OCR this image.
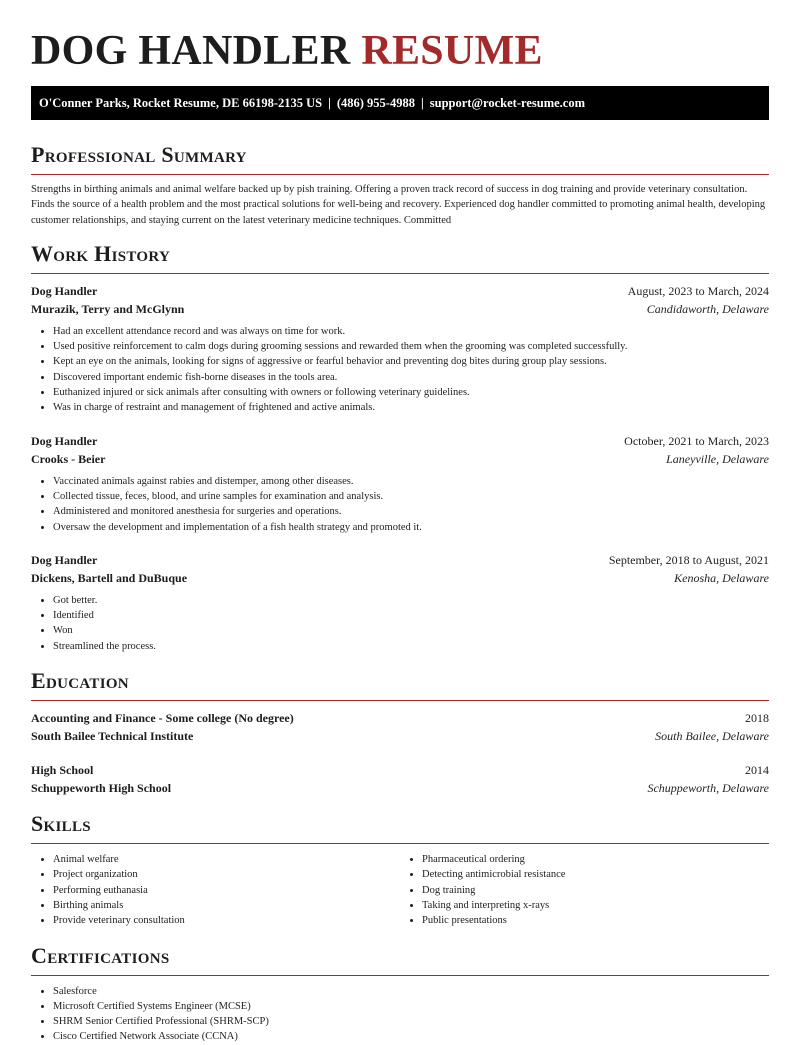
DOG HANDLER RESUME
O'Conner Parks, Rocket Resume, DE 66198-2135 US | (486) 955-4988 | support@rocket-resume.com
Professional Summary
Strengths in birthing animals and animal welfare backed up by pish training. Offering a proven track record of success in dog training and provide veterinary consultation. Finds the source of a health problem and the most practical solutions for well-being and recovery. Experienced dog handler committed to promoting animal health, developing customer relationships, and staying current on the latest veterinary medicine techniques. Committed
Work History
Dog Handler	August, 2023 to March, 2024
Murazik, Terry and McGlynn	Candidaworth, Delaware
• Had an excellent attendance record and was always on time for work.
• Used positive reinforcement to calm dogs during grooming sessions and rewarded them when the grooming was completed successfully.
• Kept an eye on the animals, looking for signs of aggressive or fearful behavior and preventing dog bites during group play sessions.
• Discovered important endemic fish-borne diseases in the tools area.
• Euthanized injured or sick animals after consulting with owners or following veterinary guidelines.
• Was in charge of restraint and management of frightened and active animals.
Dog Handler	October, 2021 to March, 2023
Crooks - Beier	Laneyville, Delaware
• Vaccinated animals against rabies and distemper, among other diseases.
• Collected tissue, feces, blood, and urine samples for examination and analysis.
• Administered and monitored anesthesia for surgeries and operations.
• Oversaw the development and implementation of a fish health strategy and promoted it.
Dog Handler	September, 2018 to August, 2021
Dickens, Bartell and DuBuque	Kenosha, Delaware
• Got better.
• Identified
• Won
• Streamlined the process.
Education
Accounting and Finance - Some college (No degree)	2018
South Bailee Technical Institute	South Bailee, Delaware
High School	2014
Schuppeworth High School	Schuppeworth, Delaware
Skills
• Animal welfare
• Project organization
• Performing euthanasia
• Birthing animals
• Provide veterinary consultation
• Pharmaceutical ordering
• Detecting antimicrobial resistance
• Dog training
• Taking and interpreting x-rays
• Public presentations
Certifications
• Salesforce
• Microsoft Certified Systems Engineer (MCSE)
• SHRM Senior Certified Professional (SHRM-SCP)
• Cisco Certified Network Associate (CCNA)
